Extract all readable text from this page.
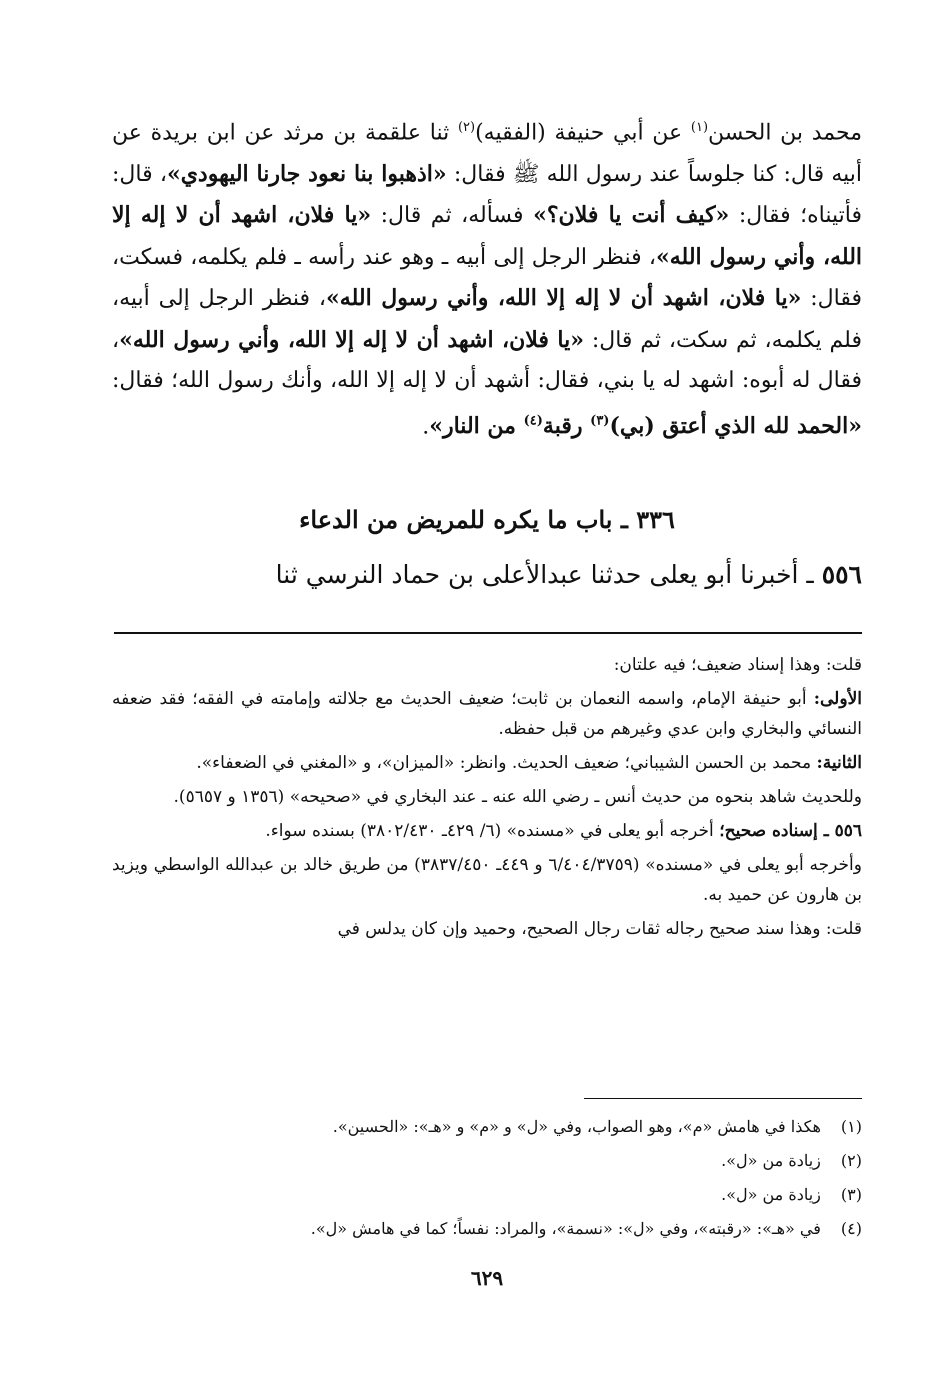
محمد بن الحسن$^{(١)}$ عن أبي حنيفة (الفقيه)$^{(٢)}$ ثنا علقمة بن مرثد عن ابن بريدة عن أبيه قال: كنا جلوساً عند رسول الله ﷺ فقال: «اذهبوا بنا نعود جارنا اليهودي»، قال: فأتيناه؛ فقال: «كيف أنت يا فلان؟» فسأله، ثم قال: «يا فلان، اشهد أن لا إله إلا الله، وأني رسول الله»، فنظر الرجل إلى أبيه ـ وهو عند رأسه ـ فلم يكلمه، فسكت، فقال: «يا فلان، اشهد أن لا إله إلا الله، وأني رسول الله»، فنظر الرجل إلى أبيه، فلم يكلمه، ثم سكت، ثم قال: «يا فلان، اشهد أن لا إله إلا الله، وأني رسول الله»، فقال له أبوه: اشهد له يا بني، فقال: أشهد أن لا إله إلا الله، وأنك رسول الله؛ فقال: «الحمد لله الذي أعتق (بي)$^{(٣)}$ رقبة$^{(٤)}$ من النار».
٣٣٦ ـ باب ما يكره للمريض من الدعاء
٥٥٦ ـ أخبرنا أبو يعلى حدثنا عبدالأعلى بن حماد النرسي ثنا

قلت: وهذا إسناد ضعيف؛ فيه علتان:

الأولى: أبو حنيفة الإمام، واسمه النعمان بن ثابت؛ ضعيف الحديث مع جلالته وإمامته في الفقه؛ فقد ضعفه النسائي والبخاري وابن عدي وغيرهم من قبل حفظه.

الثانية: محمد بن الحسن الشيباني؛ ضعيف الحديث. وانظر: «الميزان»، و «المغني في الضعفاء».

وللحديث شاهد بنحوه من حديث أنس ـ رضي الله عنه ـ عند البخاري في «صحيحه» (١٣٥٦ و ٥٦٥٧).

٥٥٦ ـ إسناده صحيح؛ أخرجه أبو يعلى في «مسنده» (٦/ ٤٢٩ـ ٣٨٠٢/٤٣٠) بسنده سواء.

وأخرجه أبو يعلى في «مسنده» (٦/٤٠٤/٣٧٥٩ و ٤٤٩ـ ٣٨٣٧/٤٥٠) من طريق خالد بن عبدالله الواسطي ويزيد بن هارون عن حميد به.

قلت: وهذا سند صحيح رجاله ثقات رجال الصحيح، وحميد وإن كان يدلس في

(١) هكذا في هامش «م»، وهو الصواب، وفي «ل» و «م» و «هـ»: «الحسين».
(٢) زيادة من «ل».
(٣) زيادة من «ل».
(٤) في «هـ»: «رقبته»، وفي «ل»: «نسمة»، والمراد: نفساً؛ كما في هامش «ل».
٦٢٩
